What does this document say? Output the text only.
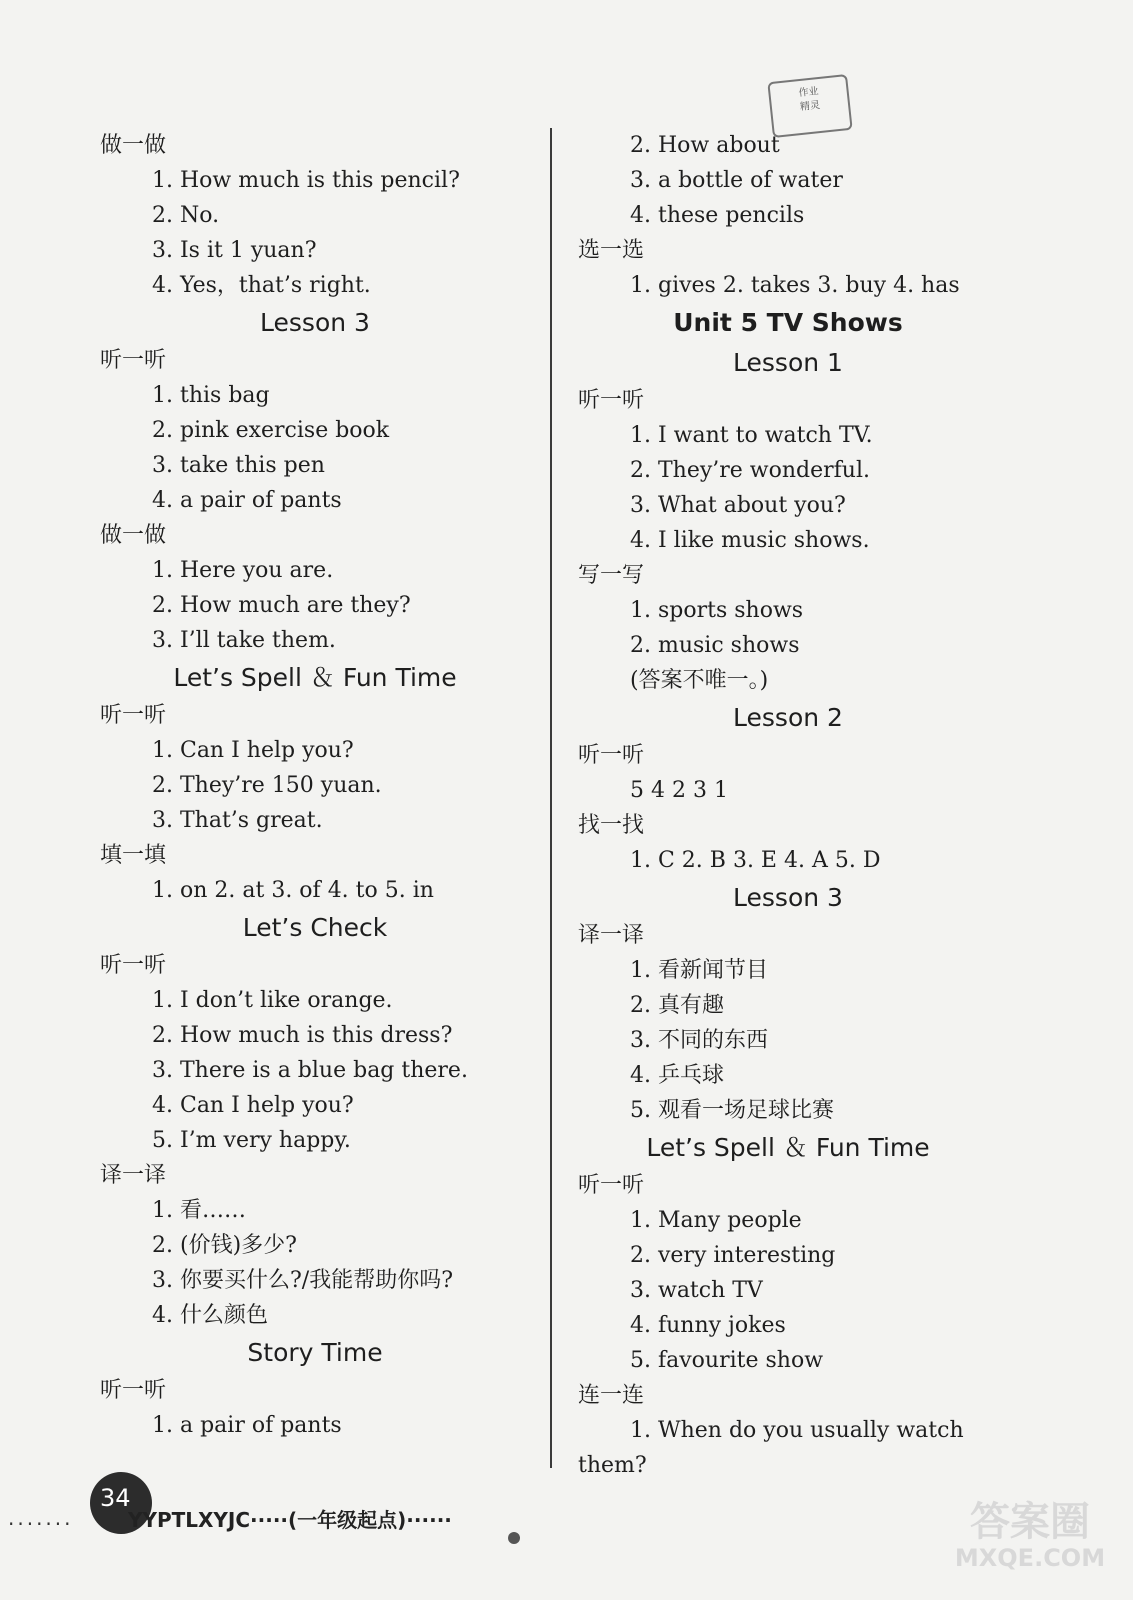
作业
精灵
做一做
1. How much is this pencil?
2. No.
3. Is it 1 yuan?
4. Yes，that’s right.
Lesson 3
听一听
1. this bag
2. pink exercise book
3. take this pen
4. a pair of pants
做一做
1. Here you are.
2. How much are they?
3. I’ll take them.
Let’s Spell ＆ Fun Time
听一听
1. Can I help you?
2. They’re 150 yuan.
3. That’s great.
填一填
1. on 2. at 3. of 4. to 5. in
Let’s Check
听一听
1. I don’t like orange.
2. How much is this dress?
3. There is a blue bag there.
4. Can I help you?
5. I’m very happy.
译一译
1. 看……
2. (价钱)多少?
3. 你要买什么?/我能帮助你吗?
4. 什么颜色
Story Time
听一听
1. a pair of pants
2. How about
3. a bottle of water
4. these pencils
选一选
1. gives 2. takes 3. buy 4. has
Unit 5 TV Shows
Lesson 1
听一听
1. I want to watch TV.
2. They’re wonderful.
3. What about you?
4. I like music shows.
写一写
1. sports shows
2. music shows
(答案不唯一。)
Lesson 2
听一听
5 4 2 3 1
找一找
1. C 2. B 3. E 4. A 5. D
Lesson 3
译一译
1. 看新闻节目
2. 真有趣
3. 不同的东西
4. 乒乓球
5. 观看一场足球比赛
Let’s Spell ＆ Fun Time
听一听
1. Many people
2. very interesting
3. watch TV
4. funny jokes
5. favourite show
连一连
1. When do you usually watch
them?
34
·······	YYPTLXYJC·····(一年级起点)······	答案圈
MXQE.COM
